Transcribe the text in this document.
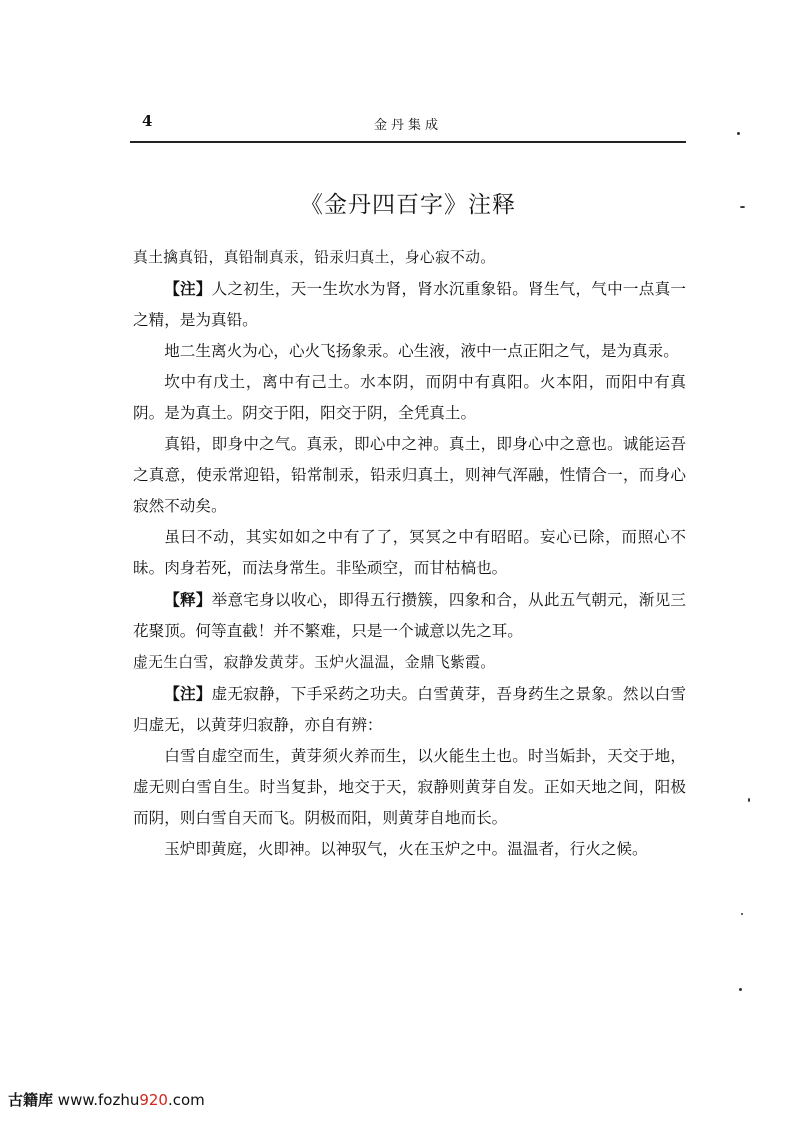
4	金丹集成
《金丹四百字》注释

真土擒真铅，真铅制真汞，铅汞归真土，身心寂不动。

【注】人之初生，天一生坎水为肾，肾水沉重象铅。肾生气，气中一点真一之精，是为真铅。

地二生离火为心，心火飞扬象汞。心生液，液中一点正阳之气，是为真汞。

坎中有戊土，离中有己土。水本阴，而阴中有真阳。火本阳，而阳中有真阴。是为真土。阴交于阳，阳交于阴，全凭真土。

真铅，即身中之气。真汞，即心中之神。真土，即身心中之意也。诚能运吾之真意，使汞常迎铅，铅常制汞，铅汞归真土，则神气浑融，性情合一，而身心寂然不动矣。

虽曰不动，其实如如之中有了了，冥冥之中有昭昭。妄心已除，而照心不昧。肉身若死，而法身常生。非坠顽空，而甘枯槁也。

【释】举意宅身以收心，即得五行攒簇，四象和合，从此五气朝元，渐见三花聚顶。何等直截！并不繁难，只是一个诚意以先之耳。

虚无生白雪，寂静发黄芽。玉炉火温温，金鼎飞紫霞。

【注】虚无寂静，下手采药之功夫。白雪黄芽，吾身药生之景象。然以白雪归虚无，以黄芽归寂静，亦自有辨：

白雪自虚空而生，黄芽须火养而生，以火能生土也。时当姤卦，天交于地，虚无则白雪自生。时当复卦，地交于天，寂静则黄芽自发。正如天地之间，阳极而阴，则白雪自天而飞。阴极而阳，则黄芽自地而长。

玉炉即黄庭，火即神。以神驭气，火在玉炉之中。温温者，行火之候。

古籍库 www.fozhu920.com
